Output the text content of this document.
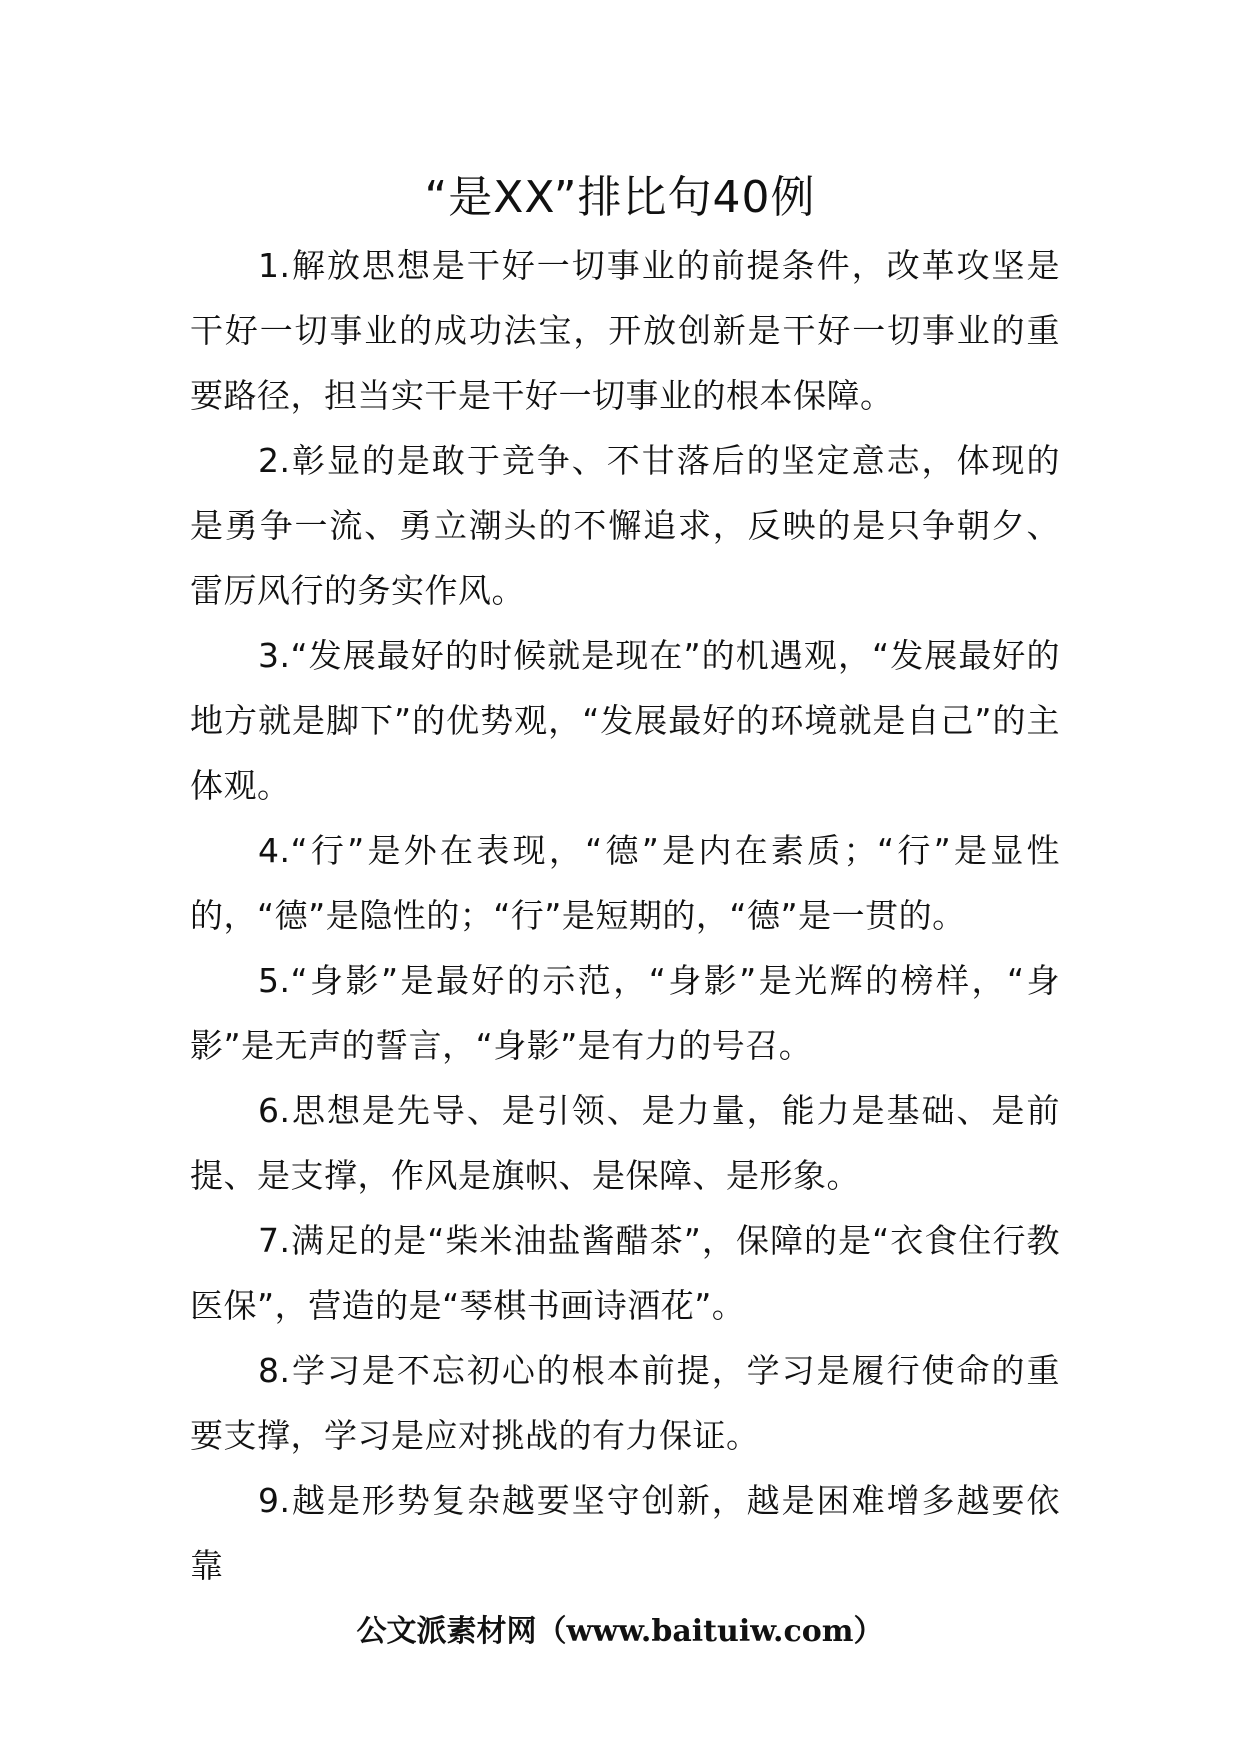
“是XX”排比句40例

1.解放思想是干好一切事业的前提条件，改革攻坚是干好一切事业的成功法宝，开放创新是干好一切事业的重要路径，担当实干是干好一切事业的根本保障。

2.彰显的是敢于竞争、不甘落后的坚定意志，体现的是勇争一流、勇立潮头的不懈追求，反映的是只争朝夕、雷厉风行的务实作风。

3.“发展最好的时候就是现在”的机遇观，“发展最好的地方就是脚下”的优势观，“发展最好的环境就是自己”的主体观。

4.“行”是外在表现，“德”是内在素质；“行”是显性的，“德”是隐性的；“行”是短期的，“德”是一贯的。

5.“身影”是最好的示范，“身影”是光辉的榜样，“身影”是无声的誓言，“身影”是有力的号召。

6.思想是先导、是引领、是力量，能力是基础、是前提、是支撑，作风是旗帜、是保障、是形象。

7.满足的是“柴米油盐酱醋茶”，保障的是“衣食住行教医保”，营造的是“琴棋书画诗酒花”。

8.学习是不忘初心的根本前提，学习是履行使命的重要支撑，学习是应对挑战的有力保证。

9.越是形势复杂越要坚守创新，越是困难增多越要依靠

公文派素材网（www.baituiw.com）
